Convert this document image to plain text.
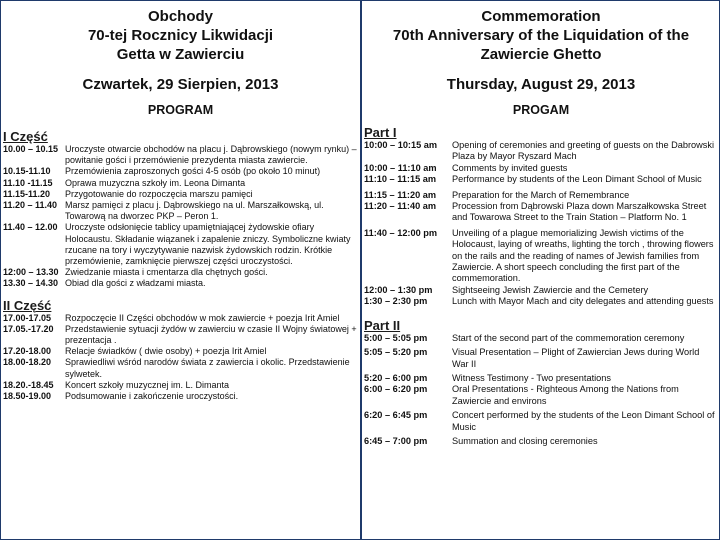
Obchody
70-tej Rocznicy Likwidacji
Getta w Zawierciu
Czwartek, 29 Sierpien, 2013
PROGRAM
I Część
10.00 – 10.15 Uroczyste otwarcie obchodów na placu j. Dąbrowskiego (nowym rynku) – powitanie gości i przemówienie prezydenta miasta zawiercie.
10.15-11.10	Przemówienia zaproszonych gości 4-5 osób (po około 10 minut)
11.10 -11.15	Oprawa muzyczna szkoły im. Leona Dimanta
11.15-11.20	Przygotowanie do rozpoczęcia marszu pamięci
11.20 – 11.40 Marsz pamięci z placu j. Dąbrowskiego na ul. Marszałkowską, ul. Towarową na dworzec PKP – Peron 1.
11.40 – 12.00 Uroczyste odsłonięcie tablicy upamiętniającej żydowskie ofiary Holocaustu. Składanie wiązanek i zapalenie zniczy. Symboliczne kwiaty rzucane na tory i wyczytywanie nazwisk żydowskich rodzin. Krótkie przemówienie, zamknięcie pierwszej części uroczystości.
12:00 – 13.30 Zwiedzanie miasta i cmentarza dla chętnych gości.
13.30 – 14.30 Obiad dla gości z władzami miasta.
II Część
17.00-17.05	Rozpoczęcie II Części obchodów w mok zawiercie + poezja Irit Amiel
17.05.-17.20	Przedstawienie sytuacji żydów w zawierciu w czasie II Wojny światowej + prezentacja .
17.20-18.00	Relacje świadków ( dwie osoby) + poezja Irit Amiel
18.00-18.20	Sprawiedliwi wśród narodów świata z zawiercia i okolic. Przedstawienie sylwetek.
18.20.-18.45	Koncert szkoły muzycznej im. L. Dimanta
18.50-19.00	Podsumowanie i zakończenie uroczystości.
Commemoration
70th Anniversary of the Liquidation of the
Zawiercie Ghetto
Thursday, August 29, 2013
PROGAM
Part I
10:00 – 10:15 am	Opening of ceremonies and greeting of guests on the Dabrowski Plaza by Mayor Ryszard Mach
10:00 – 11:10 am	Comments by invited guests
11:10 – 11:15 am	Performance by students of the Leon Dimant School of Music
11:15 – 11:20 am	Preparation for the March of Remembrance
11:20 – 11:40 am	Procession from Dąbrowski Plaza down Marszałkowska Street and Towarowa Street to the Train Station – Platform No. 1
11:40 – 12:00 pm	Unveiling of a plague memorializing Jewish victims of the Holocaust, laying of wreaths, lighting the torch , throwing flowers on the rails and the reading of names of Jewish families from Zawiercie. A short speech concluding the first part of the commemoration.
12:00 – 1:30 pm	Sightseeing Jewish Zawiercie and the Cemetery
1:30 – 2:30 pm	Lunch with Mayor Mach and city delegates and attending guests
Part II
5:00 – 5:05 pm	Start of the second part of the commemoration ceremony
5:05 – 5:20 pm	Visual Presentation – Plight of Zawiercian Jews during World War II
5:20 – 6:00 pm	Witness Testimony - Two presentations
6:00 – 6:20 pm	Oral Presentations - Righteous Among the Nations from Zawiercie and environs
6:20 – 6:45 pm	Concert performed by the students of the Leon Dimant School of Music
6:45 – 7:00 pm	Summation and closing ceremonies
